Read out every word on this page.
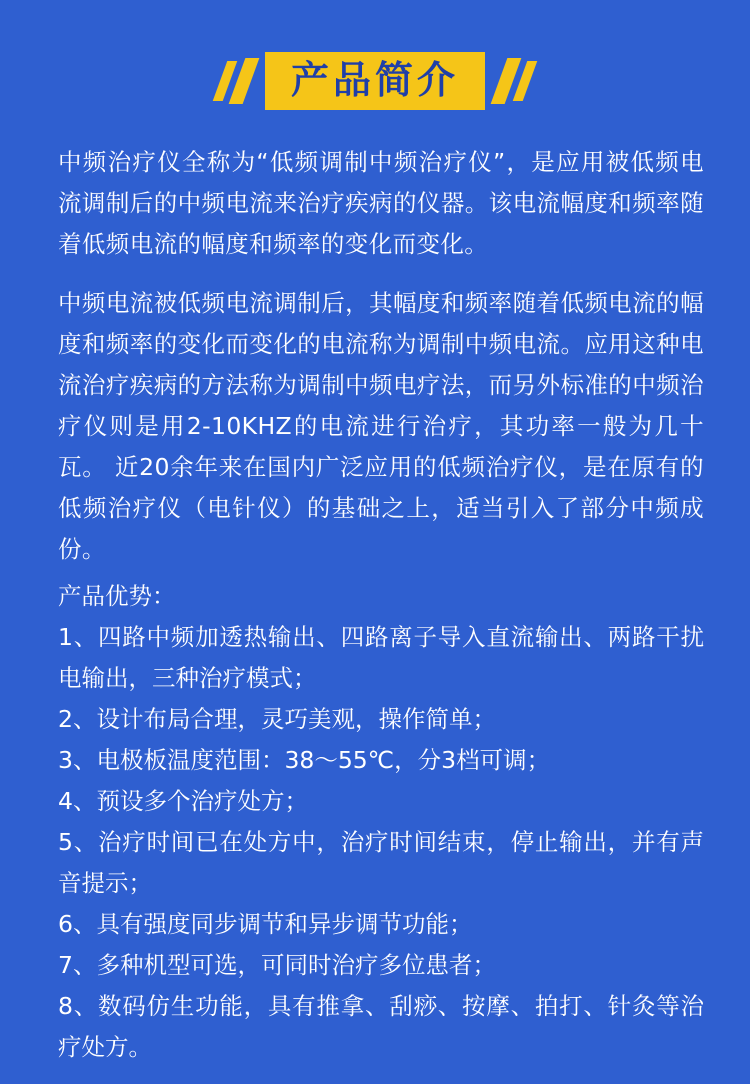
产品简介

中频治疗仪全称为“低频调制中频治疗仪”，是应用被低频电流调制后的中频电流来治疗疾病的仪器。该电流幅度和频率随着低频电流的幅度和频率的变化而变化。

中频电流被低频电流调制后，其幅度和频率随着低频电流的幅度和频率的变化而变化的电流称为调制中频电流。应用这种电流治疗疾病的方法称为调制中频电疗法，而另外标准的中频治疗仪则是用2-10KHZ的电流进行治疗，其功率一般为几十瓦。 近20余年来在国内广泛应用的低频治疗仪，是在原有的低频治疗仪（电针仪）的基础之上，适当引入了部分中频成份。

产品优势：

1、四路中频加透热输出、四路离子导入直流输出、两路干扰电输出，三种治疗模式；
2、设计布局合理，灵巧美观，操作简单；
3、电极板温度范围：38～55℃，分3档可调；
4、预设多个治疗处方；
5、治疗时间已在处方中，治疗时间结束，停止输出，并有声音提示；
6、具有强度同步调节和异步调节功能；
7、多种机型可选，可同时治疗多位患者；
8、数码仿生功能，具有推拿、刮痧、按摩、拍打、针灸等治疗处方。
